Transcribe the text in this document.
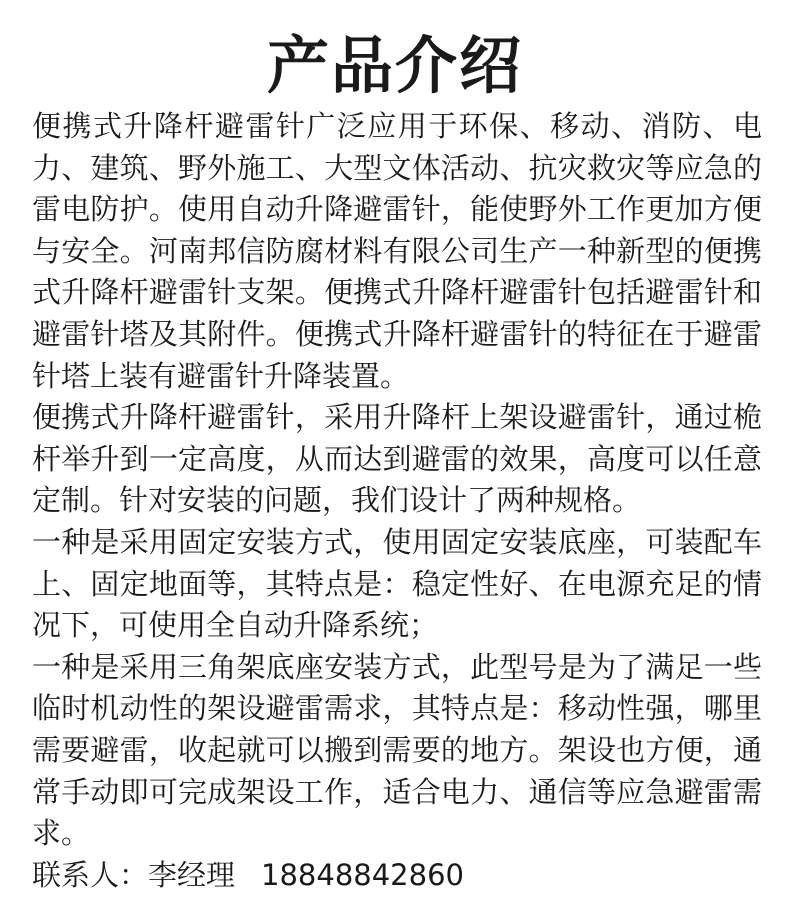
产品介绍

便携式升降杆避雷针广泛应用于环保、移动、消防、电力、建筑、野外施工、大型文体活动、抗灾救灾等应急的雷电防护。使用自动升降避雷针，能使野外工作更加方便与安全。河南邦信防腐材料有限公司生产一种新型的便携式升降杆避雷针支架。便携式升降杆避雷针包括避雷针和避雷针塔及其附件。便携式升降杆避雷针的特征在于避雷针塔上装有避雷针升降装置。

便携式升降杆避雷针，采用升降杆上架设避雷针，通过桅杆举升到一定高度，从而达到避雷的效果，高度可以任意定制。针对安装的问题，我们设计了两种规格。

一种是采用固定安装方式，使用固定安装底座，可装配车上、固定地面等，其特点是：稳定性好、在电源充足的情况下，可使用全自动升降系统；

一种是采用三角架底座安装方式，此型号是为了满足一些临时机动性的架设避雷需求，其特点是：移动性强，哪里需要避雷，收起就可以搬到需要的地方。架设也方便，通常手动即可完成架设工作，适合电力、通信等应急避雷需求。

联系人：李经理 18848842860
